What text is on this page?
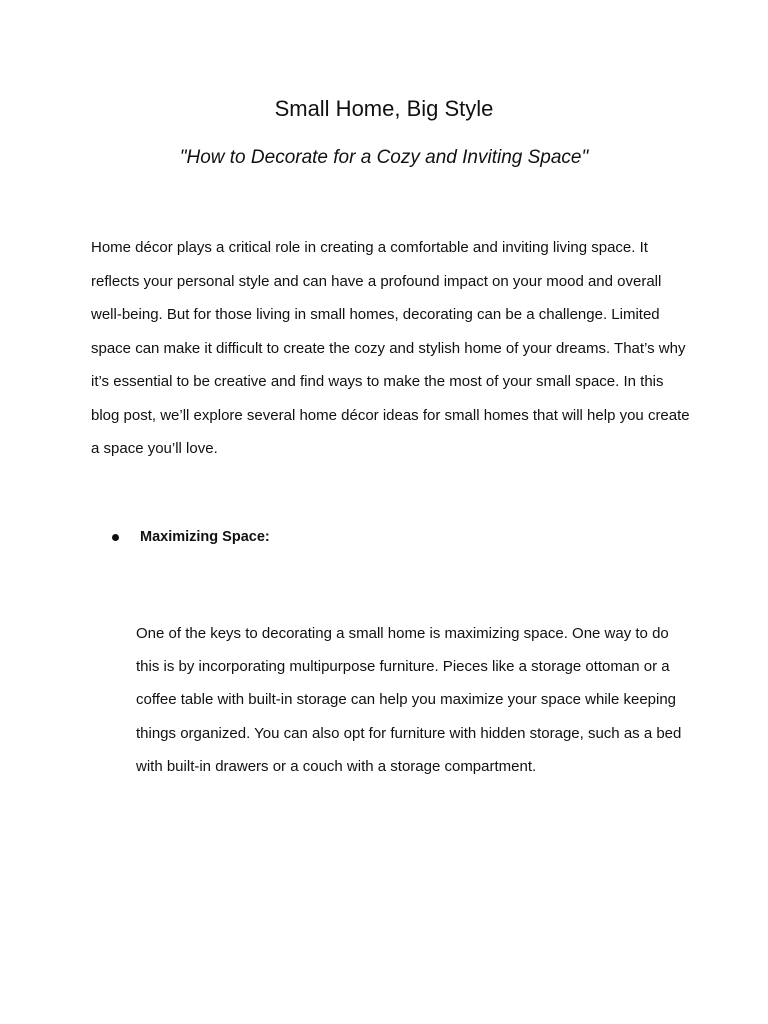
Small Home, Big Style
"How to Decorate for a Cozy and Inviting Space"

Home décor plays a critical role in creating a comfortable and inviting living space. It reflects your personal style and can have a profound impact on your mood and overall well-being. But for those living in small homes, decorating can be a challenge. Limited space can make it difficult to create the cozy and stylish home of your dreams. That’s why it’s essential to be creative and find ways to make the most of your small space. In this blog post, we’ll explore several home décor ideas for small homes that will help you create a space you’ll love.

Maximizing Space:

One of the keys to decorating a small home is maximizing space. One way to do this is by incorporating multipurpose furniture. Pieces like a storage ottoman or a coffee table with built-in storage can help you maximize your space while keeping things organized. You can also opt for furniture with hidden storage, such as a bed with built-in drawers or a couch with a storage compartment.
